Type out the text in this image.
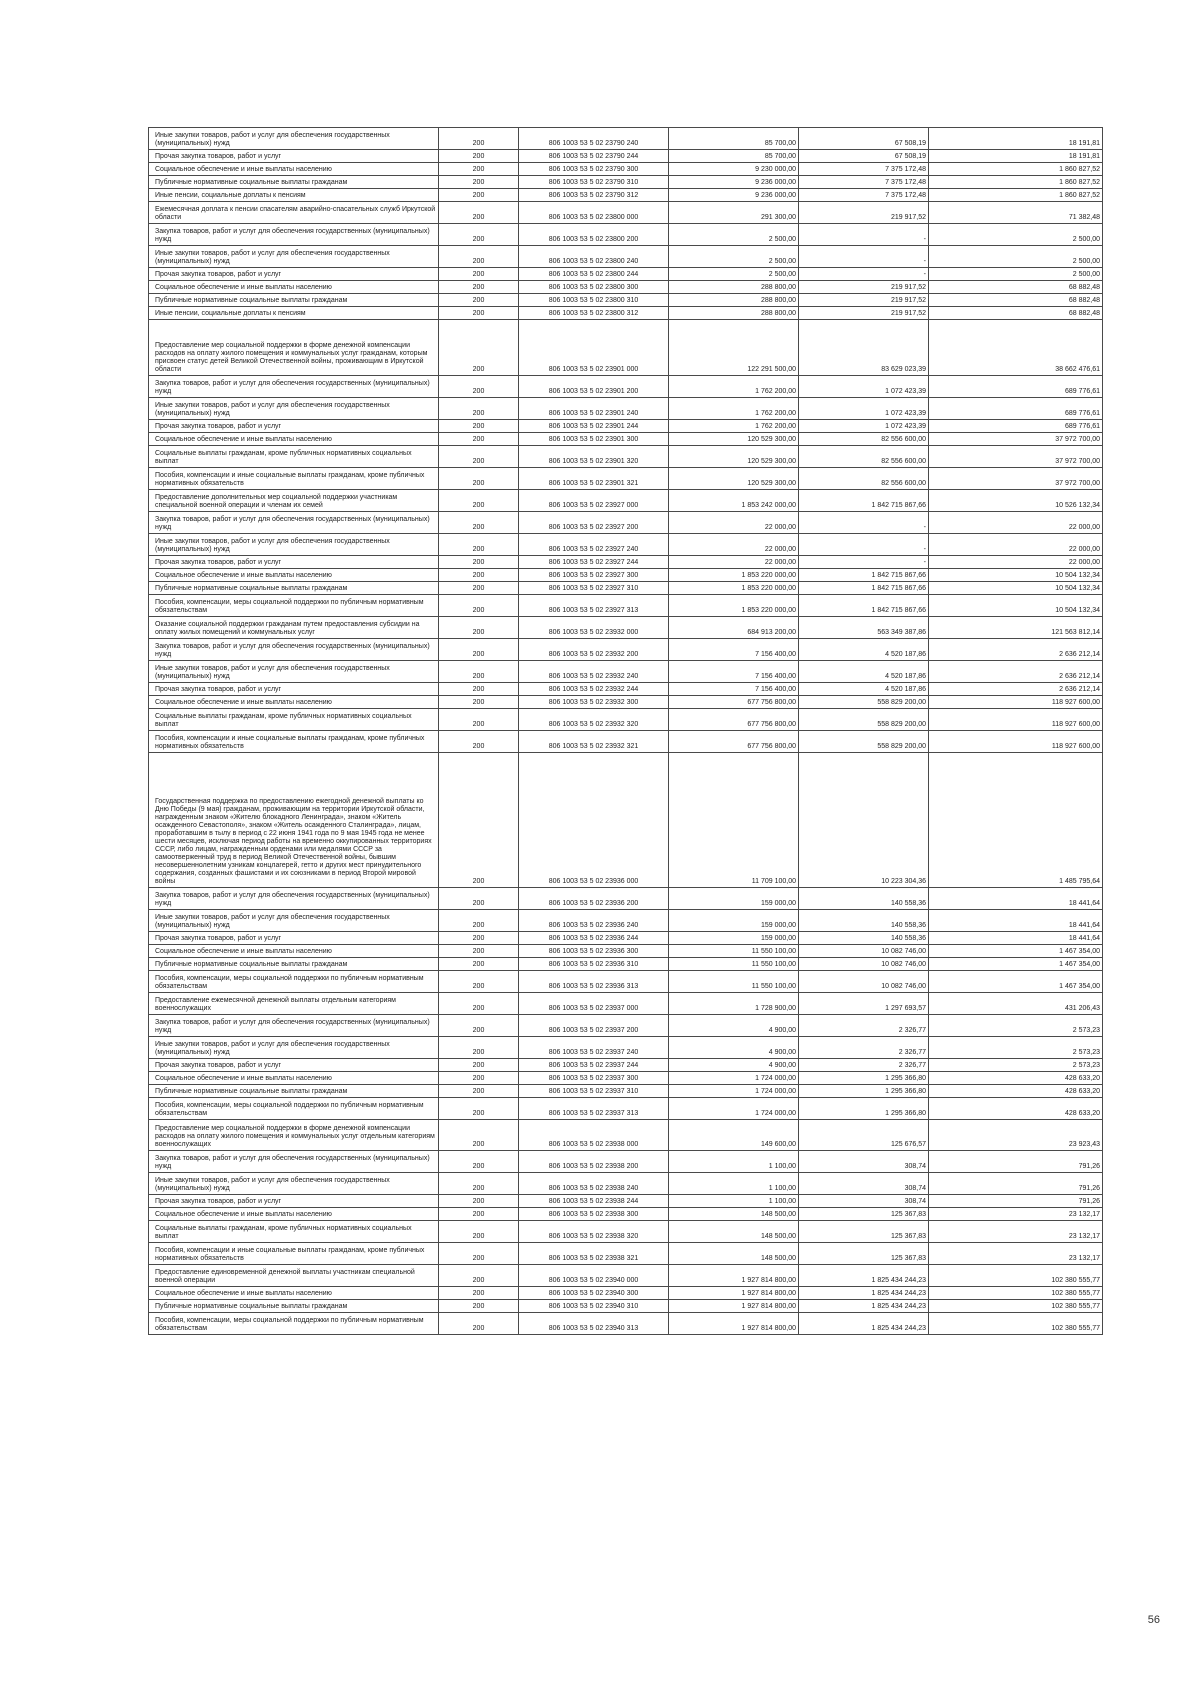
Иные закупки товаров, работ и услуг для обеспечения государственных (муниципальных) нужд	200	806 1003 53 5 02 23790 240	85 700,00	67 508,19	18 191,81
Прочая закупка товаров, работ и услуг	200	806 1003 53 5 02 23790 244	85 700,00	67 508,19	18 191,81
Социальное обеспечение и иные выплаты населению	200	806 1003 53 5 02 23790 300	9 230 000,00	7 375 172,48	1 860 827,52
Публичные нормативные социальные выплаты гражданам	200	806 1003 53 5 02 23790 310	9 236 000,00	7 375 172,48	1 860 827,52
Иные пенсии, социальные доплаты к пенсиям	200	806 1003 53 5 02 23790 312	9 236 000,00	7 375 172,48	1 860 827,52
Ежемесячная доплата к пенсии спасателям аварийно-спасательных служб Иркутской области	200	806 1003 53 5 02 23800 000	291 300,00	219 917,52	71 382,48
Закупка товаров, работ и услуг для обеспечения государственных (муниципальных) нужд	200	806 1003 53 5 02 23800 200	2 500,00	-	2 500,00
Иные закупки товаров, работ и услуг для обеспечения государственных (муниципальных) нужд	200	806 1003 53 5 02 23800 240	2 500,00	-	2 500,00
Прочая закупка товаров, работ и услуг	200	806 1003 53 5 02 23800 244	2 500,00	-	2 500,00
Социальное обеспечение и иные выплаты населению	200	806 1003 53 5 02 23800 300	288 800,00	219 917,52	68 882,48
Публичные нормативные социальные выплаты гражданам	200	806 1003 53 5 02 23800 310	288 800,00	219 917,52	68 882,48
Иные пенсии, социальные доплаты к пенсиям	200	806 1003 53 5 02 23800 312	288 800,00	219 917,52	68 882,48
Предоставление мер социальной поддержки в форме денежной компенсации расходов на оплату жилого помещения и коммунальных услуг гражданам, которым присвоен статус детей Великой Отечественной войны, проживающим в Иркутской области	200	806 1003 53 5 02 23901 000	122 291 500,00	83 629 023,39	38 662 476,61
Закупка товаров, работ и услуг для обеспечения государственных (муниципальных) нужд	200	806 1003 53 5 02 23901 200	1 762 200,00	1 072 423,39	689 776,61
Иные закупки товаров, работ и услуг для обеспечения государственных (муниципальных) нужд	200	806 1003 53 5 02 23901 240	1 762 200,00	1 072 423,39	689 776,61
Прочая закупка товаров, работ и услуг	200	806 1003 53 5 02 23901 244	1 762 200,00	1 072 423,39	689 776,61
Социальное обеспечение и иные выплаты населению	200	806 1003 53 5 02 23901 300	120 529 300,00	82 556 600,00	37 972 700,00
Социальные выплаты гражданам, кроме публичных нормативных социальных выплат	200	806 1003 53 5 02 23901 320	120 529 300,00	82 556 600,00	37 972 700,00
Пособия, компенсации и иные социальные выплаты гражданам, кроме публичных нормативных обязательств	200	806 1003 53 5 02 23901 321	120 529 300,00	82 556 600,00	37 972 700,00
Предоставление дополнительных мер социальной поддержки участникам специальной военной операции и членам их семей	200	806 1003 53 5 02 23927 000	1 853 242 000,00	1 842 715 867,66	10 526 132,34
Закупка товаров, работ и услуг для обеспечения государственных (муниципальных) нужд	200	806 1003 53 5 02 23927 200	22 000,00	-	22 000,00
Иные закупки товаров, работ и услуг для обеспечения государственных (муниципальных) нужд	200	806 1003 53 5 02 23927 240	22 000,00	-	22 000,00
Прочая закупка товаров, работ и услуг	200	806 1003 53 5 02 23927 244	22 000,00	-	22 000,00
Социальное обеспечение и иные выплаты населению	200	806 1003 53 5 02 23927 300	1 853 220 000,00	1 842 715 867,66	10 504 132,34
Публичные нормативные социальные выплаты гражданам	200	806 1003 53 5 02 23927 310	1 853 220 000,00	1 842 715 867,66	10 504 132,34
Пособия, компенсации, меры социальной поддержки по публичным нормативным обязательствам	200	806 1003 53 5 02 23927 313	1 853 220 000,00	1 842 715 867,66	10 504 132,34
Оказание социальной поддержки гражданам путем предоставления субсидии на оплату жилых помещений и коммунальных услуг	200	806 1003 53 5 02 23932 000	684 913 200,00	563 349 387,86	121 563 812,14
Закупка товаров, работ и услуг для обеспечения государственных (муниципальных) нужд	200	806 1003 53 5 02 23932 200	7 156 400,00	4 520 187,86	2 636 212,14
Иные закупки товаров, работ и услуг для обеспечения государственных (муниципальных) нужд	200	806 1003 53 5 02 23932 240	7 156 400,00	4 520 187,86	2 636 212,14
Прочая закупка товаров, работ и услуг	200	806 1003 53 5 02 23932 244	7 156 400,00	4 520 187,86	2 636 212,14
Социальное обеспечение и иные выплаты населению	200	806 1003 53 5 02 23932 300	677 756 800,00	558 829 200,00	118 927 600,00
Социальные выплаты гражданам, кроме публичных нормативных социальных выплат	200	806 1003 53 5 02 23932 320	677 756 800,00	558 829 200,00	118 927 600,00
Пособия, компенсации и иные социальные выплаты гражданам, кроме публичных нормативных обязательств	200	806 1003 53 5 02 23932 321	677 756 800,00	558 829 200,00	118 927 600,00
Государственная поддержка по предоставлению ежегодной денежной выплаты ко Дню Победы (9 мая) гражданам, проживающим на территории Иркутской области, награжденным знаком «Жителю блокадного Ленинграда», знаком «Житель осажденного Севастополя», знаком «Житель осажденного Сталинграда», лицам, проработавшим в тылу в период с 22 июня 1941 года по 9 мая 1945 года не менее шести месяцев, исключая период работы на временно оккупированных территориях СССР, либо лицам, награжденным орденами или медалями СССР за самоотверженный труд в период Великой Отечественной войны, бывшим несовершеннолетним узникам концлагерей, гетто и других мест принудительного содержания, созданных фашистами и их союзниками в период Второй мировой войны	200	806 1003 53 5 02 23936 000	11 709 100,00	10 223 304,36	1 485 795,64
Закупка товаров, работ и услуг для обеспечения государственных (муниципальных) нужд	200	806 1003 53 5 02 23936 200	159 000,00	140 558,36	18 441,64
Иные закупки товаров, работ и услуг для обеспечения государственных (муниципальных) нужд	200	806 1003 53 5 02 23936 240	159 000,00	140 558,36	18 441,64
Прочая закупка товаров, работ и услуг	200	806 1003 53 5 02 23936 244	159 000,00	140 558,36	18 441,64
Социальное обеспечение и иные выплаты населению	200	806 1003 53 5 02 23936 300	11 550 100,00	10 082 746,00	1 467 354,00
Публичные нормативные социальные выплаты гражданам	200	806 1003 53 5 02 23936 310	11 550 100,00	10 082 746,00	1 467 354,00
Пособия, компенсации, меры социальной поддержки по публичным нормативным обязательствам	200	806 1003 53 5 02 23936 313	11 550 100,00	10 082 746,00	1 467 354,00
Предоставление ежемесячной денежной выплаты отдельным категориям военнослужащих	200	806 1003 53 5 02 23937 000	1 728 900,00	1 297 693,57	431 206,43
Закупка товаров, работ и услуг для обеспечения государственных (муниципальных) нужд	200	806 1003 53 5 02 23937 200	4 900,00	2 326,77	2 573,23
Иные закупки товаров, работ и услуг для обеспечения государственных (муниципальных) нужд	200	806 1003 53 5 02 23937 240	4 900,00	2 326,77	2 573,23
Прочая закупка товаров, работ и услуг	200	806 1003 53 5 02 23937 244	4 900,00	2 326,77	2 573,23
Социальное обеспечение и иные выплаты населению	200	806 1003 53 5 02 23937 300	1 724 000,00	1 295 366,80	428 633,20
Публичные нормативные социальные выплаты гражданам	200	806 1003 53 5 02 23937 310	1 724 000,00	1 295 366,80	428 633,20
Пособия, компенсации, меры социальной поддержки по публичным нормативным обязательствам	200	806 1003 53 5 02 23937 313	1 724 000,00	1 295 366,80	428 633,20
Предоставление мер социальной поддержки в форме денежной компенсации расходов на оплату жилого помещения и коммунальных услуг отдельным категориям военнослужащих	200	806 1003 53 5 02 23938 000	149 600,00	125 676,57	23 923,43
Закупка товаров, работ и услуг для обеспечения государственных (муниципальных) нужд	200	806 1003 53 5 02 23938 200	1 100,00	308,74	791,26
Иные закупки товаров, работ и услуг для обеспечения государственных (муниципальных) нужд	200	806 1003 53 5 02 23938 240	1 100,00	308,74	791,26
Прочая закупка товаров, работ и услуг	200	806 1003 53 5 02 23938 244	1 100,00	308,74	791,26
Социальное обеспечение и иные выплаты населению	200	806 1003 53 5 02 23938 300	148 500,00	125 367,83	23 132,17
Социальные выплаты гражданам, кроме публичных нормативных социальных выплат	200	806 1003 53 5 02 23938 320	148 500,00	125 367,83	23 132,17
Пособия, компенсации и иные социальные выплаты гражданам, кроме публичных нормативных обязательств	200	806 1003 53 5 02 23938 321	148 500,00	125 367,83	23 132,17
Предоставление единовременной денежной выплаты участникам специальной военной операции	200	806 1003 53 5 02 23940 000	1 927 814 800,00	1 825 434 244,23	102 380 555,77
Социальное обеспечение и иные выплаты населению	200	806 1003 53 5 02 23940 300	1 927 814 800,00	1 825 434 244,23	102 380 555,77
Публичные нормативные социальные выплаты гражданам	200	806 1003 53 5 02 23940 310	1 927 814 800,00	1 825 434 244,23	102 380 555,77
Пособия, компенсации, меры социальной поддержки по публичным нормативным обязательствам	200	806 1003 53 5 02 23940 313	1 927 814 800,00	1 825 434 244,23	102 380 555,77
56
